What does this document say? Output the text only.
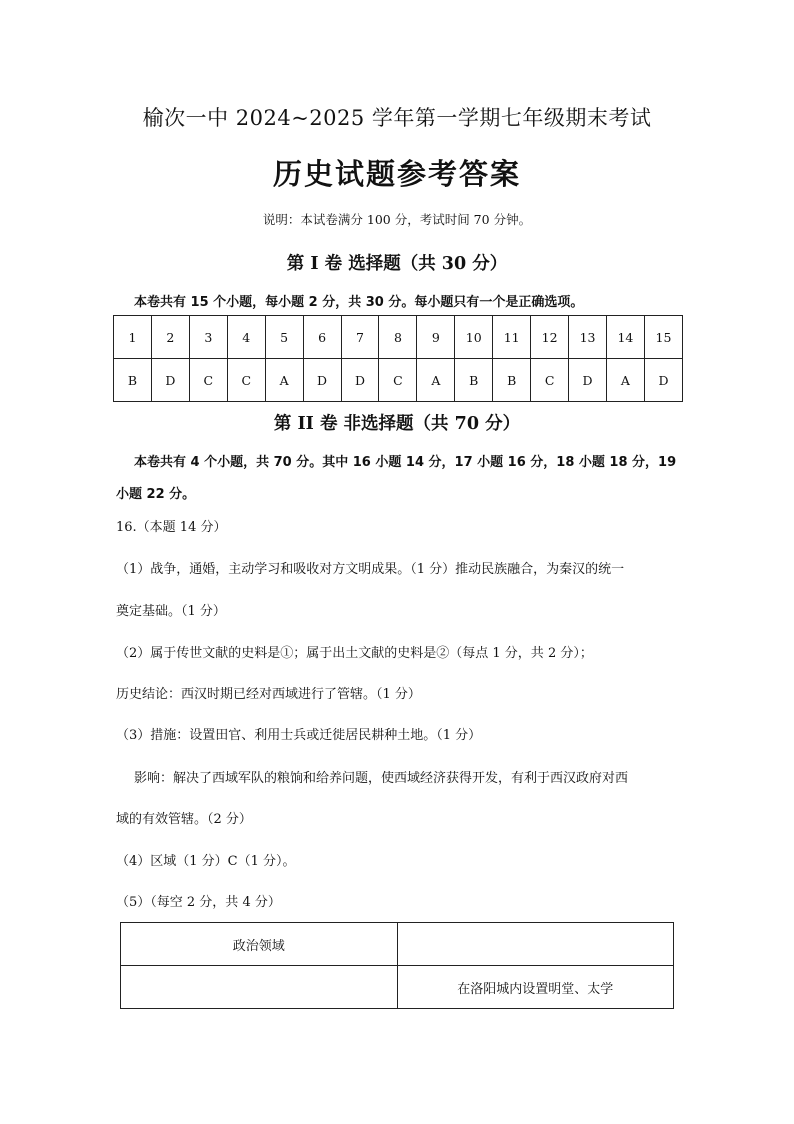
榆次一中 2024~2025 学年第一学期七年级期末考试
历史试题参考答案
说明：本试卷满分 100 分，考试时间 70 分钟。
第 I 卷 选择题（共 30 分）
本卷共有 15 个小题，每小题 2 分，共 30 分。每小题只有一个是正确选项。
1	2	3	4	5	6	7	8	9	10	11	12	13	14	15
B	D	C	C	A	D	D	C	A	B	B	C	D	A	D
第 II 卷 非选择题（共 70 分）
本卷共有 4 个小题，共 70 分。其中 16 小题 14 分，17 小题 16 分，18 小题 18 分，19
小题 22 分。
16.（本题 14 分）
（1）战争，通婚，主动学习和吸收对方文明成果。（1 分）推动民族融合，为秦汉的统一
奠定基础。（1 分）
（2）属于传世文献的史料是①；属于出土文献的史料是②（每点 1 分，共 2 分）；
历史结论：西汉时期已经对西域进行了管辖。（1 分）
（3）措施：设置田官、利用士兵或迁徙居民耕种土地。（1 分）
影响：解决了西域军队的粮饷和给养问题，使西域经济获得开发，有利于西汉政府对西
域的有效管辖。（2 分）
（4）区域（1 分）C（1 分）。
（5）（每空 2 分，共 4 分）
政治领域	
	在洛阳城内设置明堂、太学
